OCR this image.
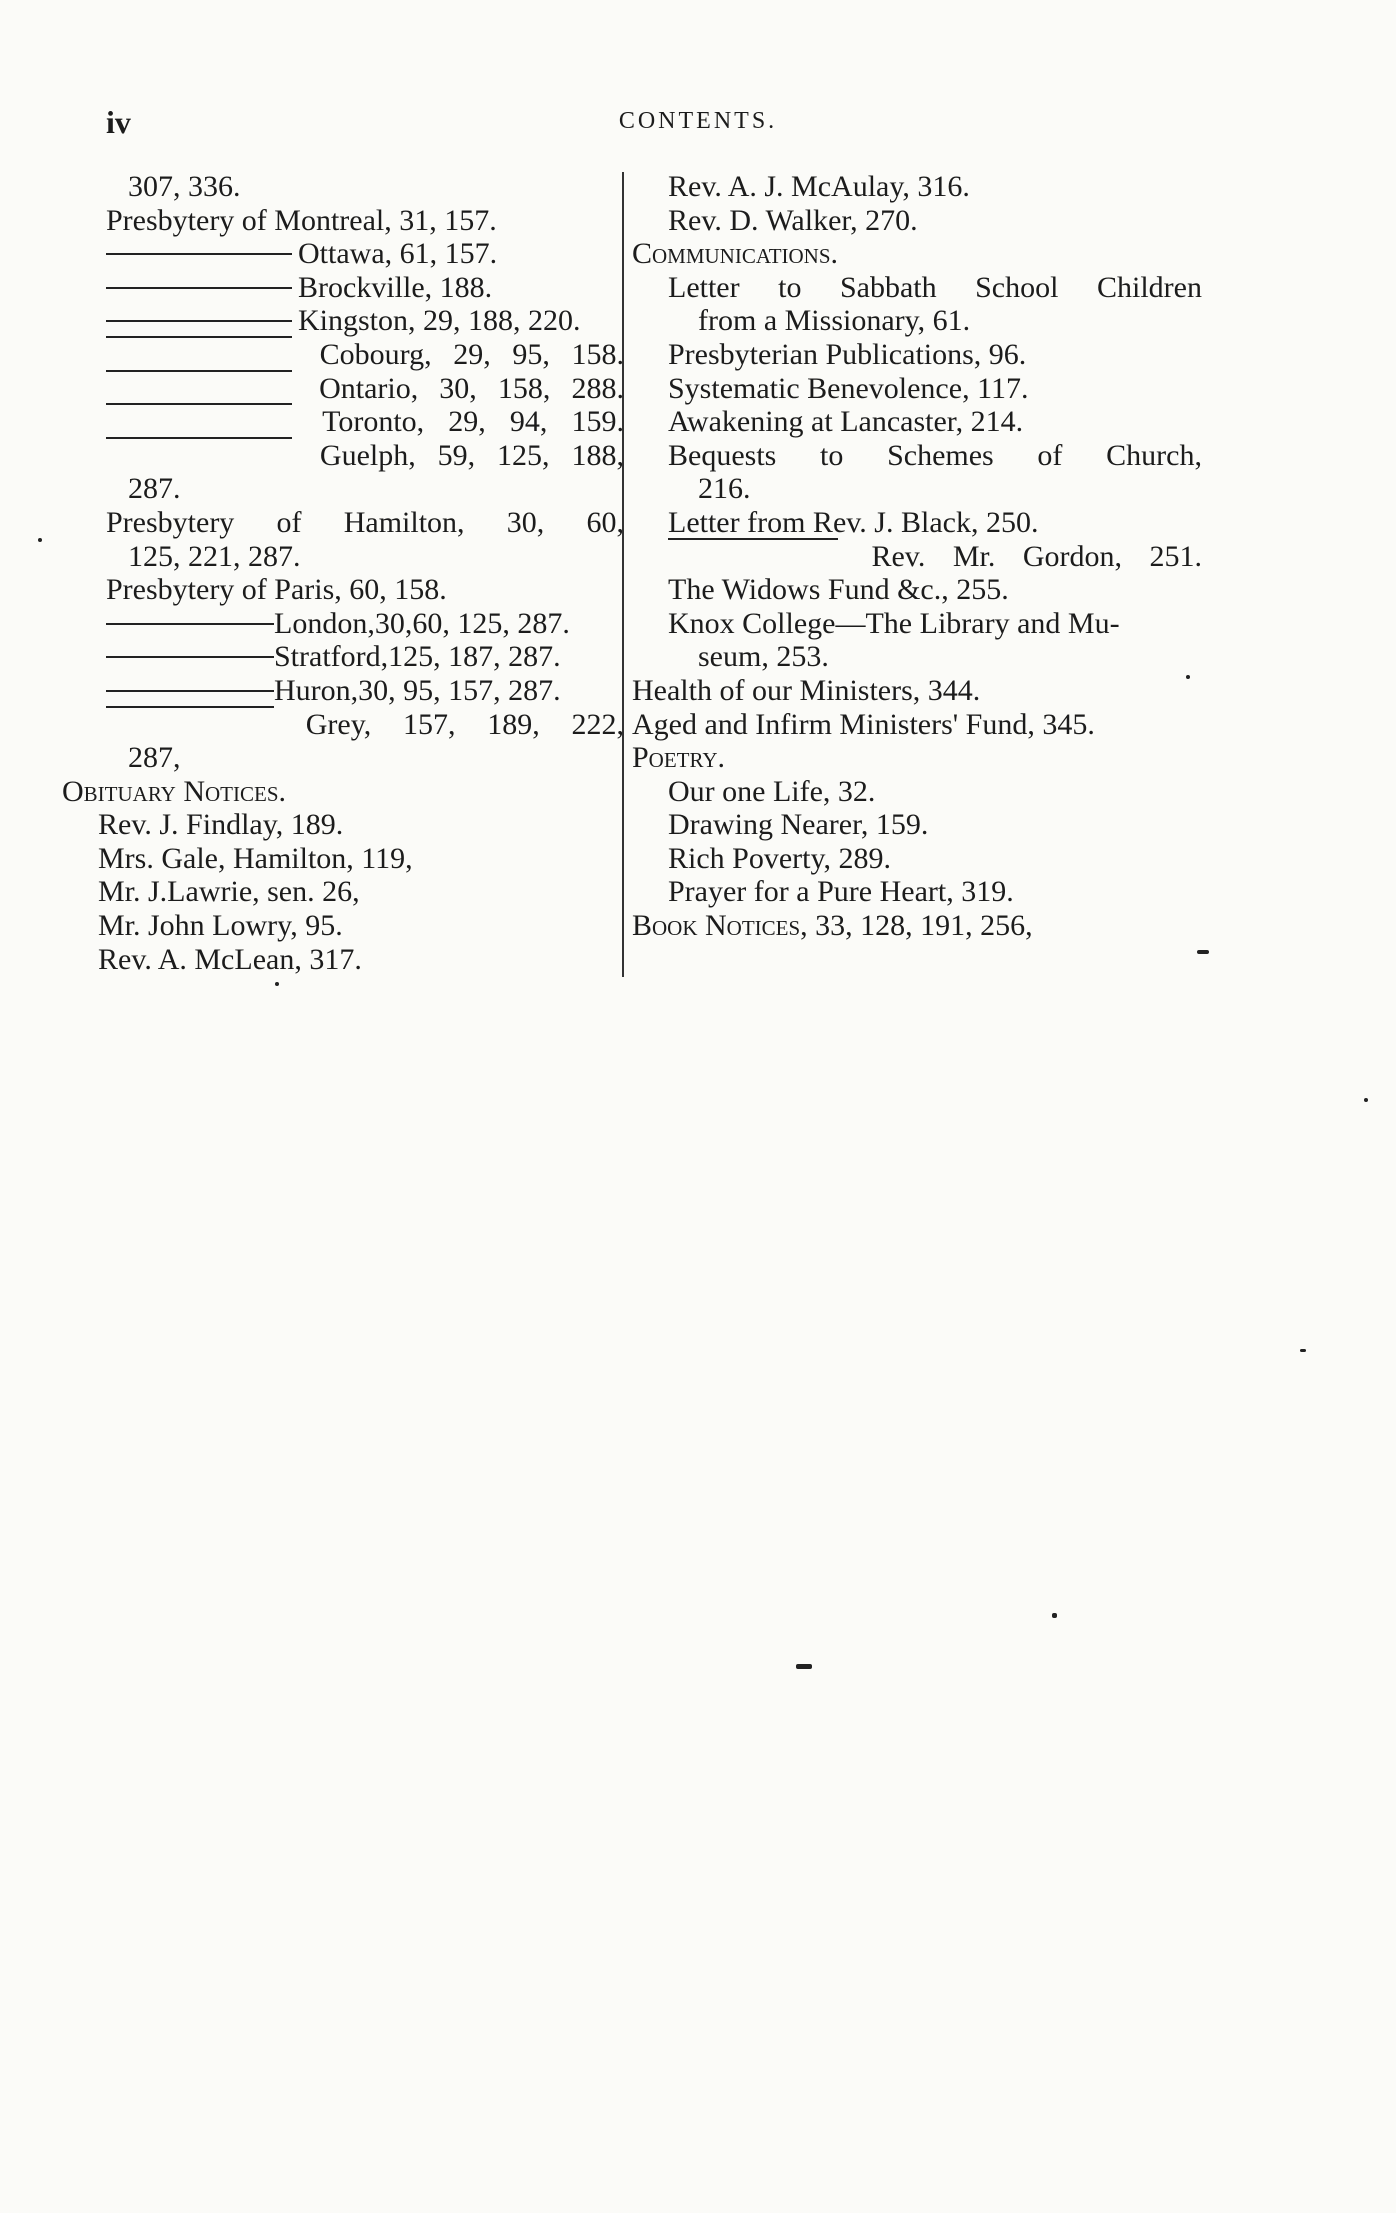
iv	CONTENTS.
307, 336.
Presbytery of Montreal, 31, 157.
Ottawa, 61, 157.
Brockville, 188.
Kingston, 29, 188, 220.
Cobourg, 29, 95, 158.
Ontario, 30, 158, 288.
Toronto, 29, 94, 159.
Guelph, 59, 125, 188,
287.
Presbytery of Hamilton, 30, 60,
125, 221, 287.
Presbytery of Paris, 60, 158.
London,30,60, 125, 287.
Stratford,125, 187, 287.
Huron,30, 95, 157, 287.
Grey, 157, 189, 222,
287,
Obituary Notices.
Rev. J. Findlay, 189.
Mrs. Gale, Hamilton, 119,
Mr. J.Lawrie, sen. 26,
Mr. John Lowry, 95.
Rev. A. McLean, 317.
Rev. A. J. McAulay, 316.
Rev. D. Walker, 270.
Communications.
Letter to Sabbath School Children
from a Missionary, 61.
Presbyterian Publications, 96.
Systematic Benevolence, 117.
Awakening at Lancaster, 214.
Bequests to Schemes of Church,
216.
Letter from Rev. J. Black, 250.
Rev. Mr. Gordon, 251.
The Widows Fund &c., 255.
Knox College—The Library and Mu-
seum, 253.
Health of our Ministers, 344.
Aged and Infirm Ministers' Fund, 345.
Poetry.
Our one Life, 32.
Drawing Nearer, 159.
Rich Poverty, 289.
Prayer for a Pure Heart, 319.
Book Notices, 33, 128, 191, 256,
